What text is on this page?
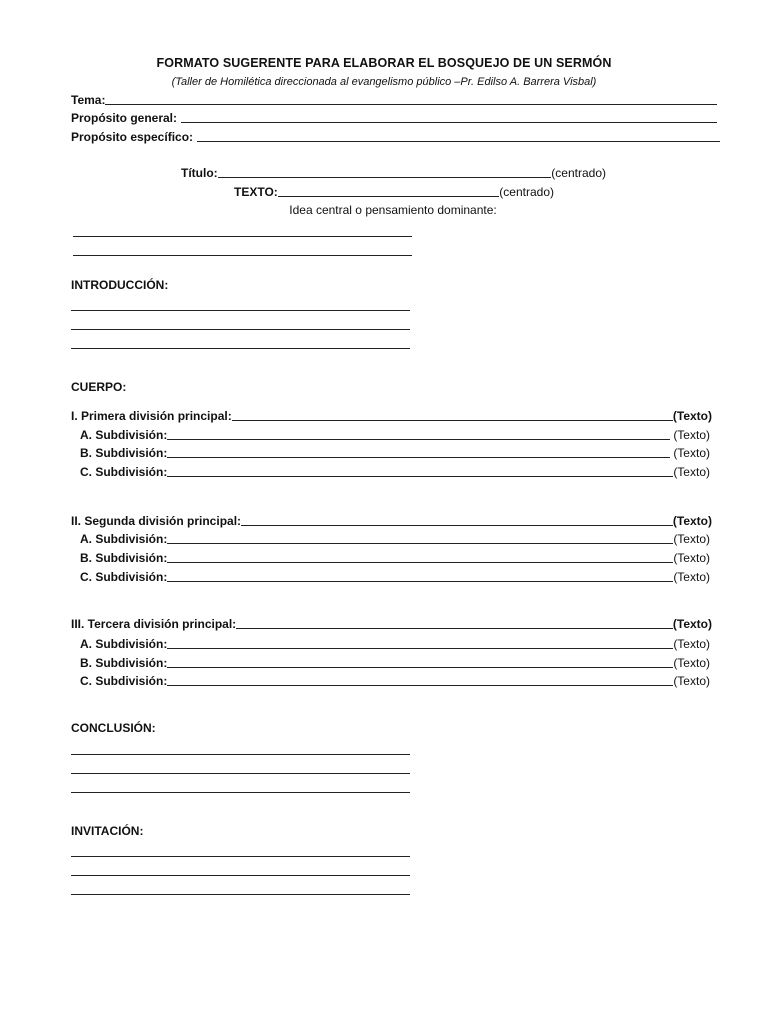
FORMATO SUGERENTE PARA ELABORAR EL BOSQUEJO DE UN SERMÓN
(Taller de Homilética direccionada al evangelismo público –Pr. Edilso A. Barrera Visbal)
Tema:
Propósito general:
Propósito específico:
Título:	(centrado)
TEXTO:	(centrado)
Idea central o pensamiento dominante:
INTRODUCCIÓN:
CUERPO:
I. Primera división principal:	(Texto)
A. Subdivisión:	(Texto)
B. Subdivisión:	(Texto)
C. Subdivisión:	(Texto)
II. Segunda división principal:	(Texto)
A. Subdivisión:	(Texto)
B. Subdivisión:	(Texto)
C. Subdivisión:	(Texto)
III. Tercera división principal:	(Texto)
A. Subdivisión:	(Texto)
B. Subdivisión:	(Texto)
C. Subdivisión:	(Texto)
CONCLUSIÓN:
INVITACIÓN:
